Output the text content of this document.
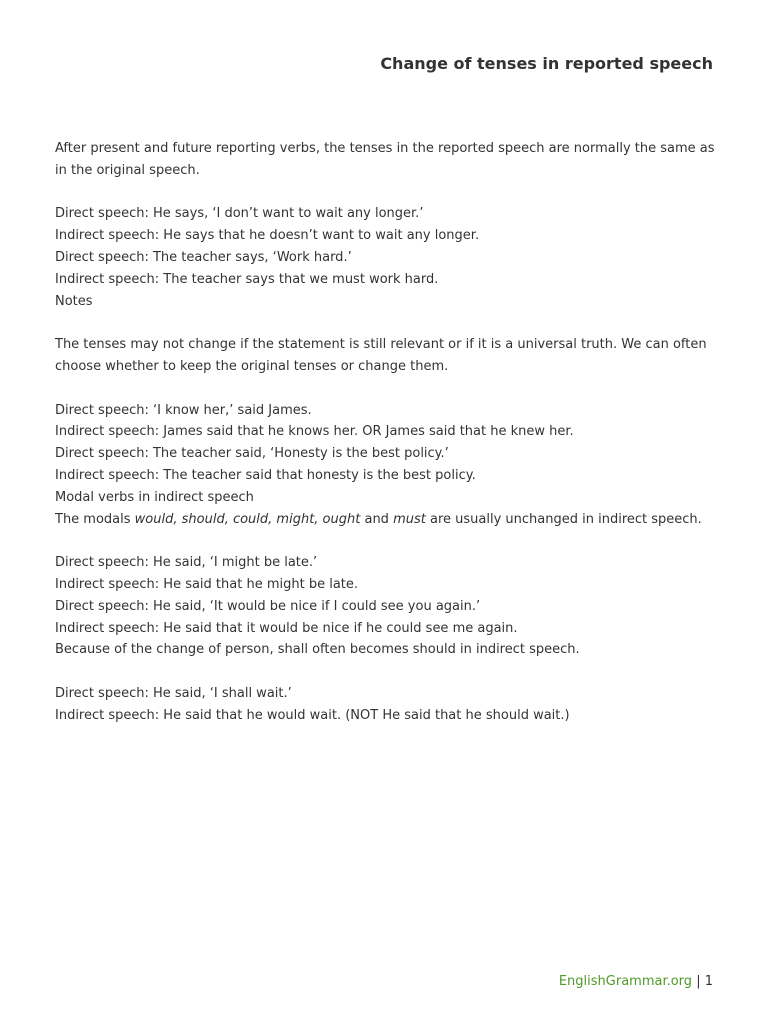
Change of tenses in reported speech

After present and future reporting verbs, the tenses in the reported speech are normally the same as in the original speech.

Direct speech: He says, ‘I don’t want to wait any longer.’

Indirect speech: He says that he doesn’t want to wait any longer.

Direct speech: The teacher says, ‘Work hard.’

Indirect speech: The teacher says that we must work hard.

Notes

The tenses may not change if the statement is still relevant or if it is a universal truth. We can often choose whether to keep the original tenses or change them.

Direct speech: ‘I know her,’ said James.

Indirect speech: James said that he knows her. OR James said that he knew her.

Direct speech: The teacher said, ‘Honesty is the best policy.’

Indirect speech: The teacher said that honesty is the best policy.

Modal verbs in indirect speech

The modals would, should, could, might, ought and must are usually unchanged in indirect speech.

Direct speech: He said, ‘I might be late.’

Indirect speech: He said that he might be late.

Direct speech: He said, ‘It would be nice if I could see you again.’

Indirect speech: He said that it would be nice if he could see me again.

Because of the change of person, shall often becomes should in indirect speech.

Direct speech: He said, ‘I shall wait.’

Indirect speech: He said that he would wait. (NOT He said that he should wait.)

EnglishGrammar.org | 1
